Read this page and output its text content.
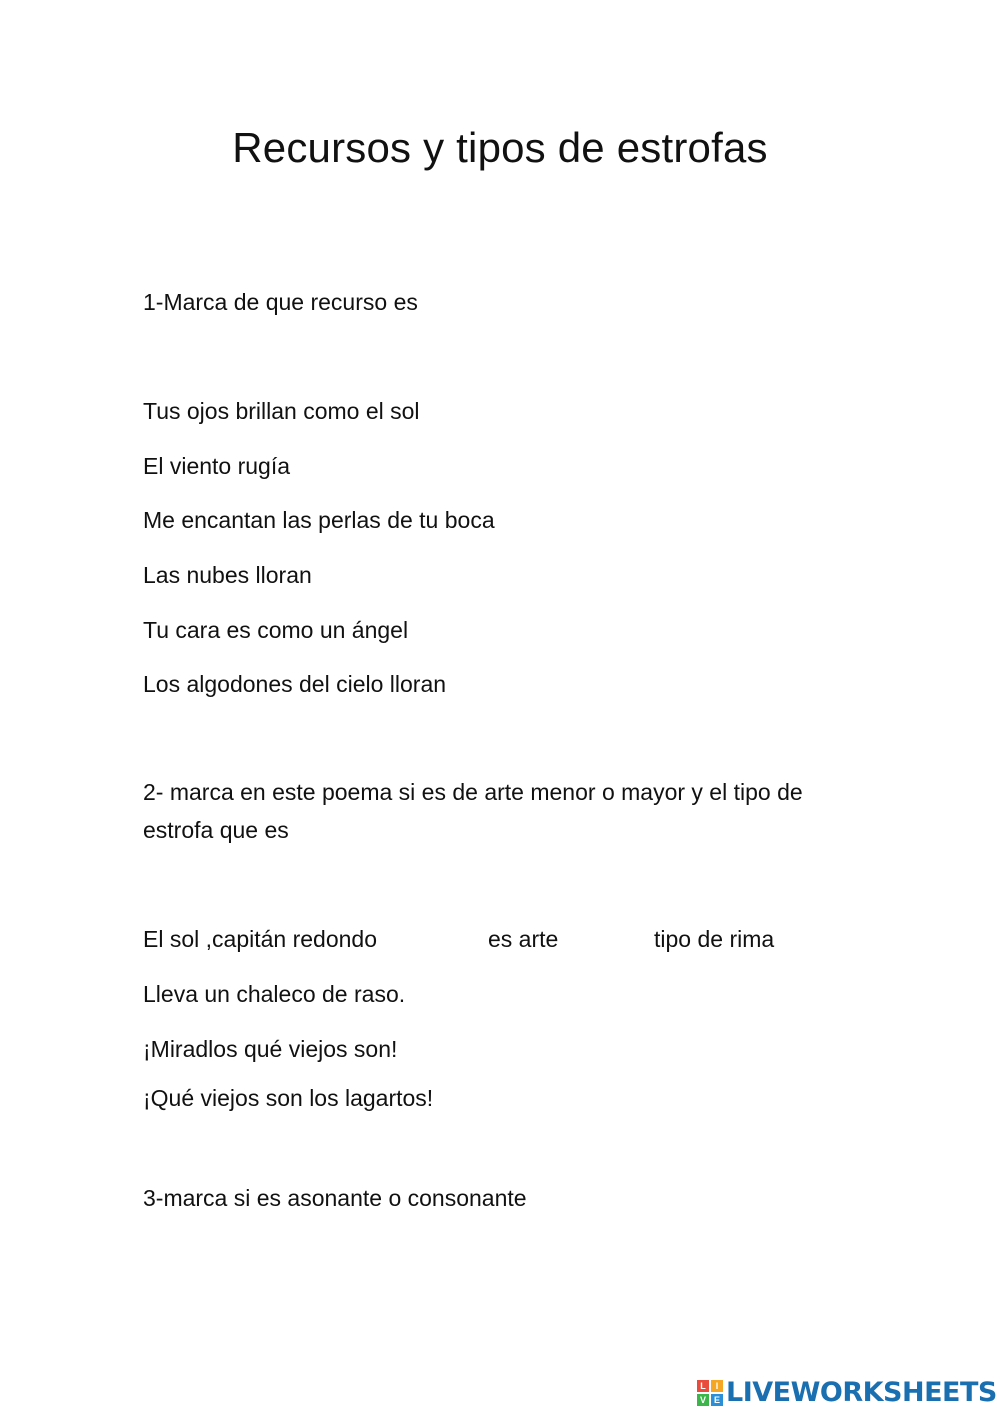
Recursos y tipos de estrofas
1-Marca de que recurso es
Tus ojos brillan como el sol
El viento rugía
Me encantan las perlas de tu boca
Las nubes lloran
Tu cara es como un ángel
Los algodones del cielo lloran
2- marca en este poema si es de arte menor o mayor y el tipo de estrofa que es
El sol ,capitán redondo	es arte	tipo de rima
Lleva un chaleco de raso.
¡Miradlos qué viejos son!
¡Qué viejos son los lagartos!
3-marca si es asonante o consonante
L	I
V E LIVEWORKSHEETS
